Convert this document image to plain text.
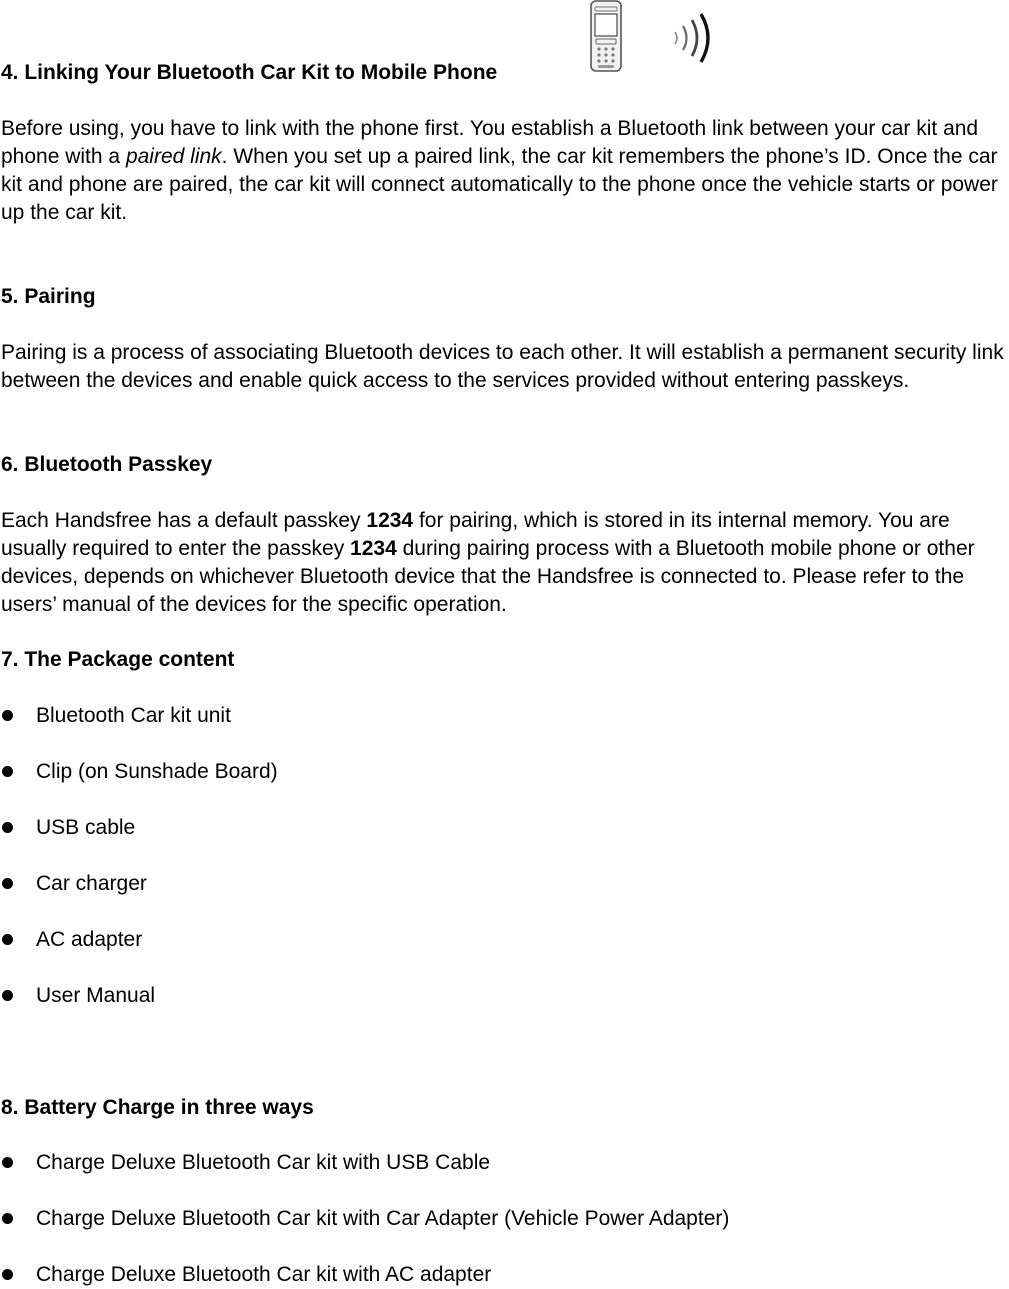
4. Linking Your Bluetooth Car Kit to Mobile Phone

Before using, you have to link with the phone first. You establish a Bluetooth link between your car kit and phone with a paired link. When you set up a paired link, the car kit remembers the phone’s ID. Once the car kit and phone are paired, the car kit will connect automatically to the phone once the vehicle starts or power up the car kit.

5. Pairing

Pairing is a process of associating Bluetooth devices to each other. It will establish a permanent security link between the devices and enable quick access to the services provided without entering passkeys.

6. Bluetooth Passkey

Each Handsfree has a default passkey 1234 for pairing, which is stored in its internal memory. You are usually required to enter the passkey 1234 during pairing process with a Bluetooth mobile phone or other devices, depends on whichever Bluetooth device that the Handsfree is connected to. Please refer to the users’ manual of the devices for the specific operation.

7. The Package content
Bluetooth Car kit unit
Clip (on Sunshade Board)
USB cable
Car charger
AC adapter
User Manual
8. Battery Charge in three ways
Charge Deluxe Bluetooth Car kit with USB Cable
Charge Deluxe Bluetooth Car kit with Car Adapter (Vehicle Power Adapter)
Charge Deluxe Bluetooth Car kit with AC adapter
